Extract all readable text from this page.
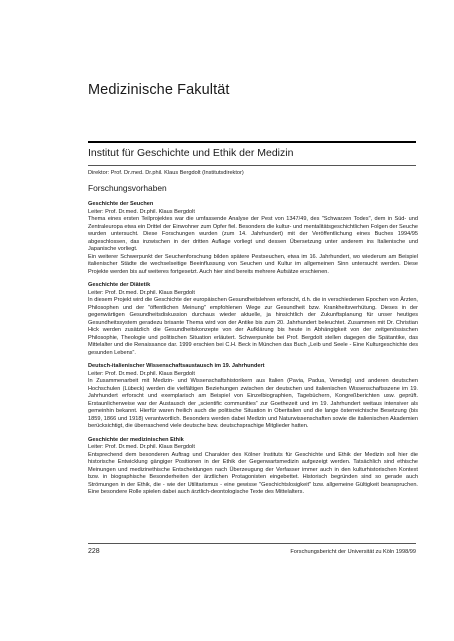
Medizinische Fakultät
Institut für Geschichte und Ethik der Medizin
Direktor: Prof. Dr.med. Dr.phil. Klaus Bergdolt (Institutsdirektor)
Forschungsvorhaben
Geschichte der Seuchen
Leiter: Prof. Dr.med. Dr.phil. Klaus Bergdolt

Thema eines ersten Teilprojektes war die umfassende Analyse der Pest von 1347/49, des "Schwarzen Todes", dem in Süd- und Zentraleuropa etwa ein Drittel der Einwohner zum Opfer fiel. Besonders die kultur- und mentalitätsgeschichtlichen Folgen der Seuche wurden untersucht. Diese Forschungen wurden (zum 14. Jahrhundert) mit der Veröffentlichung eines Buches 1994/95 abgeschlossen, das inzwischen in der dritten Auflage vorliegt und dessen Übersetzung unter anderem ins Italienische und Japanische vorliegt.

Ein weiterer Schwerpunkt der Seuchenforschung bilden spätere Pestseuchen, etwa im 16. Jahrhundert, wo wiederum am Beispiel italienischer Städte die wechselseitige Beeinflussung von Seuchen und Kultur im allgemeinen Sinn untersucht werden. Diese Projekte werden bis auf weiteres fortgesetzt. Auch hier sind bereits mehrere Aufsätze erschienen.

Geschichte der Diätetik
Leiter: Prof. Dr.med. Dr.phil. Klaus Bergdolt

In diesem Projekt wird die Geschichte der europäischen Gesundheitslehren erforscht, d.h. die in verschiedenen Epochen von Ärzten, Philosophen und der "öffentlichen Meinung" empfohlenen Wege zur Gesundheit bzw. Krankheitsverhütung. Dieses in der gegenwärtigen Gesundheitsdiskussion durchaus wieder aktuelle, ja hinsichtlich der Zukunftsplanung für unser heutiges Gesundheitssystem geradezu brisante Thema wird von der Antike bis zum 20. Jahrhundert beleuchtet. Zusammen mit Dr. Christian Hick werden zusätzlich die Gesundheitskonzepte von der Aufklärung bis heute in Abhängigkeit von der zeitgenössischen Philosophie, Theologie und politischen Situation erläutert. Schwerpunkte bei Prof. Bergdolt stellen dagegen die Spätantike, das Mittelalter und die Renaissance dar. 1999 erschien bei C.H. Beck in München das Buch „Leib und Seele - Eine Kulturgeschichte des gesunden Lebens“.

Deutsch-italienischer Wissenschaftsaustausch im 19. Jahrhundert
Leiter: Prof. Dr.med. Dr.phil. Klaus Bergdolt

In Zusammenarbeit mit Medizin- und Wissenschaftshistorikern aus Italien (Pavia, Padua, Venedig) und anderen deutschen Hochschulen (Lübeck) werden die vielfältigen Beziehungen zwischen der deutschen und italienischen Wissenschaftsszene im 19. Jahrhundert erforscht und exemplarisch am Beispiel von Einzelbiographien, Tagebüchern, Kongreßberichten usw. geprüft. Erstaunlicherweise war der Austausch der „scientific communities“ zur Goethezeit und im 19. Jahrhundert weitaus intensiver als gemeinhin bekannt. Hierfür waren freilich auch die politische Situation in Oberitalien und die lange österreichische Besetzung (bis 1859, 1866 und 1918) verantwortlich. Besonders werden dabei Medizin und Naturwissenschaften sowie die italienischen Akademien berücksichtigt, die überraschend viele deutsche bzw. deutschsprachige Mitglieder hatten.

Geschichte der medizinischen Ethik
Leiter: Prof. Dr.med. Dr.phil. Klaus Bergdolt

Entsprechend dem besonderen Auftrag und Charakter des Kölner Instituts für Geschichte und Ethik der Medizin soll hier die historische Entwicklung gängiger Positionen in der Ethik der Gegenwartsmedizin aufgezeigt werden. Tatsächlich sind ethische Meinungen und medizinethische Entscheidungen nach Überzeugung der Verfasser immer auch in den kulturhistorischen Kontext bzw. in biographische Besonderheiten der ärztlichen Protagonisten eingebettet. Historisch begründen sind so gerade auch Strömungen in der Ethik, die - wie der Utilitarismus - eine gewisse "Geschichtslosigkeit" bzw. allgemeine Gültigkeit beanspruchen. Eine besondere Rolle spielen dabei auch ärztlich-deontologische Texte des Mittelalters.

228	Forschungsbericht der Universität zu Köln 1998/99
